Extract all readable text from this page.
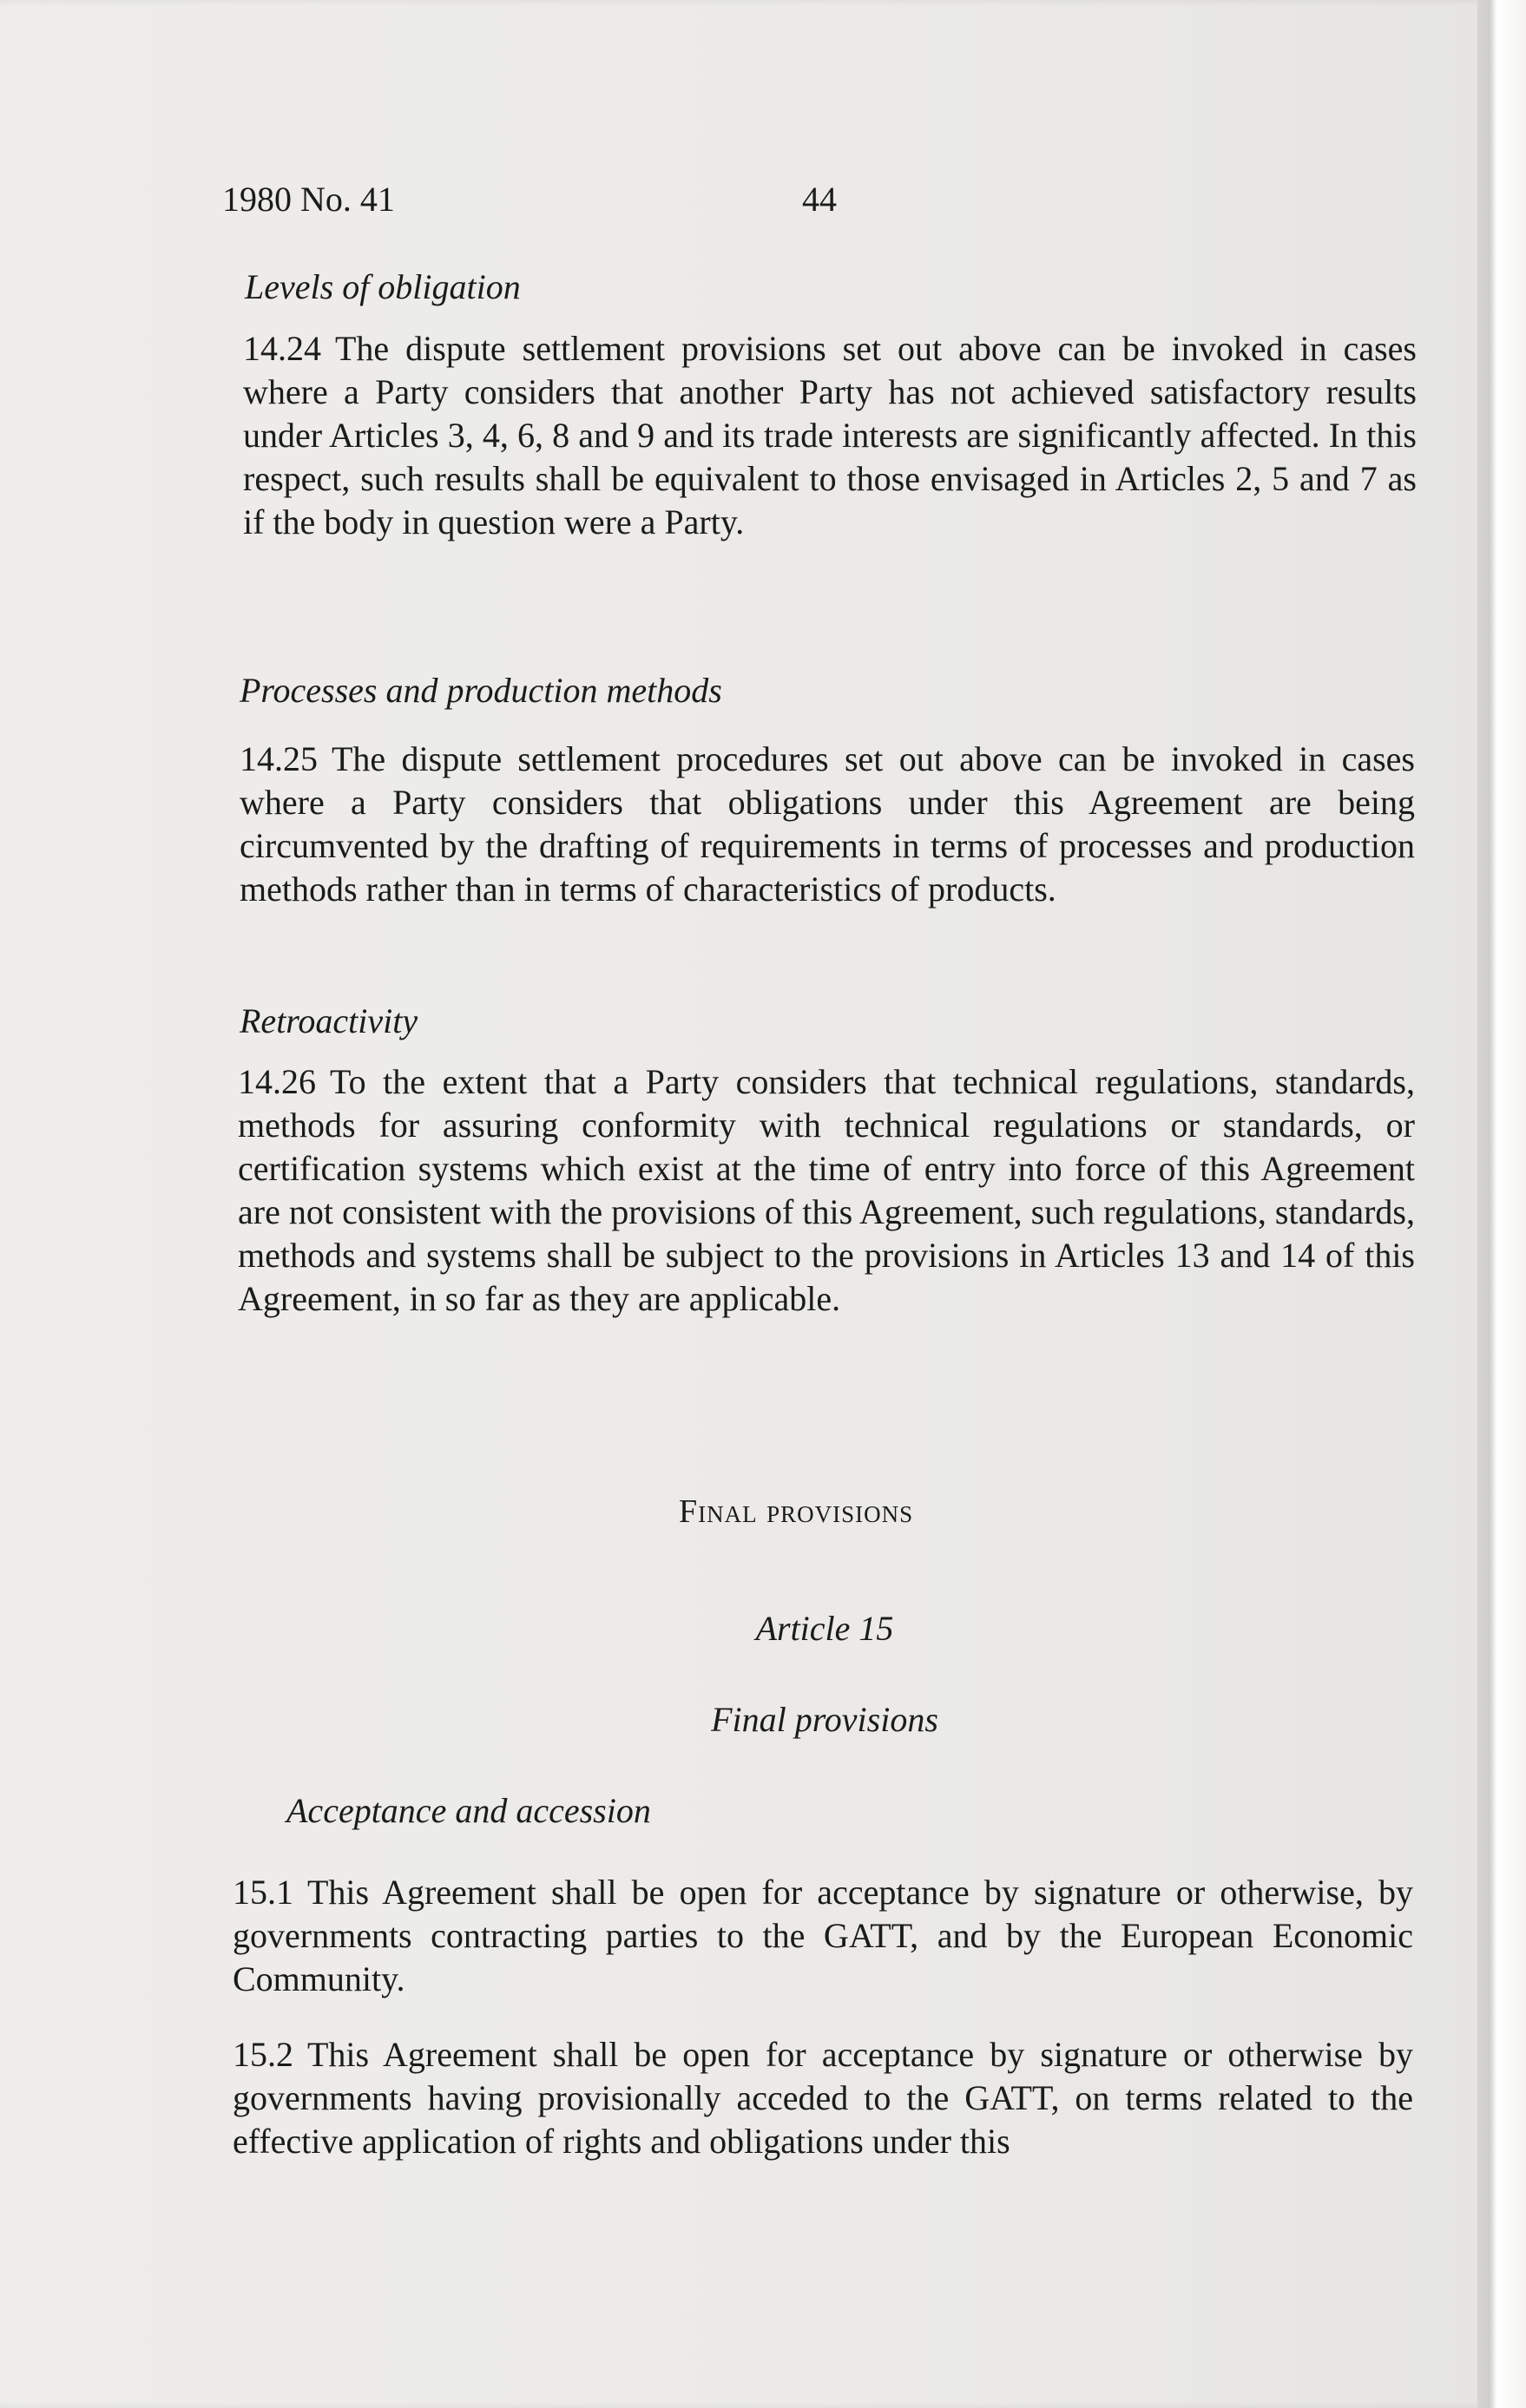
1980 No. 41	44
Levels of obligation
14.24 The dispute settlement provisions set out above can be invoked in cases where a Party considers that another Party has not achieved satisfactory results under Articles 3, 4, 6, 8 and 9 and its trade interests are significantly affected. In this respect, such results shall be equivalent to those envisaged in Articles 2, 5 and 7 as if the body in question were a Party.
Processes and production methods
14.25 The dispute settlement procedures set out above can be invoked in cases where a Party considers that obligations under this Agreement are being circumvented by the drafting of requirements in terms of processes and production methods rather than in terms of characteristics of products.
Retroactivity
14.26 To the extent that a Party considers that technical regulations, standards, methods for assuring conformity with technical regulations or standards, or certification systems which exist at the time of entry into force of this Agreement are not consistent with the provisions of this Agreement, such regulations, standards, methods and systems shall be subject to the provisions in Articles 13 and 14 of this Agreement, in so far as they are applicable.
Final provisions
Article 15
Final provisions
Acceptance and accession
15.1 This Agreement shall be open for acceptance by signature or otherwise, by governments contracting parties to the GATT, and by the European Economic Community.
15.2 This Agreement shall be open for acceptance by signature or otherwise by governments having provisionally acceded to the GATT, on terms related to the effective application of rights and obligations under this
